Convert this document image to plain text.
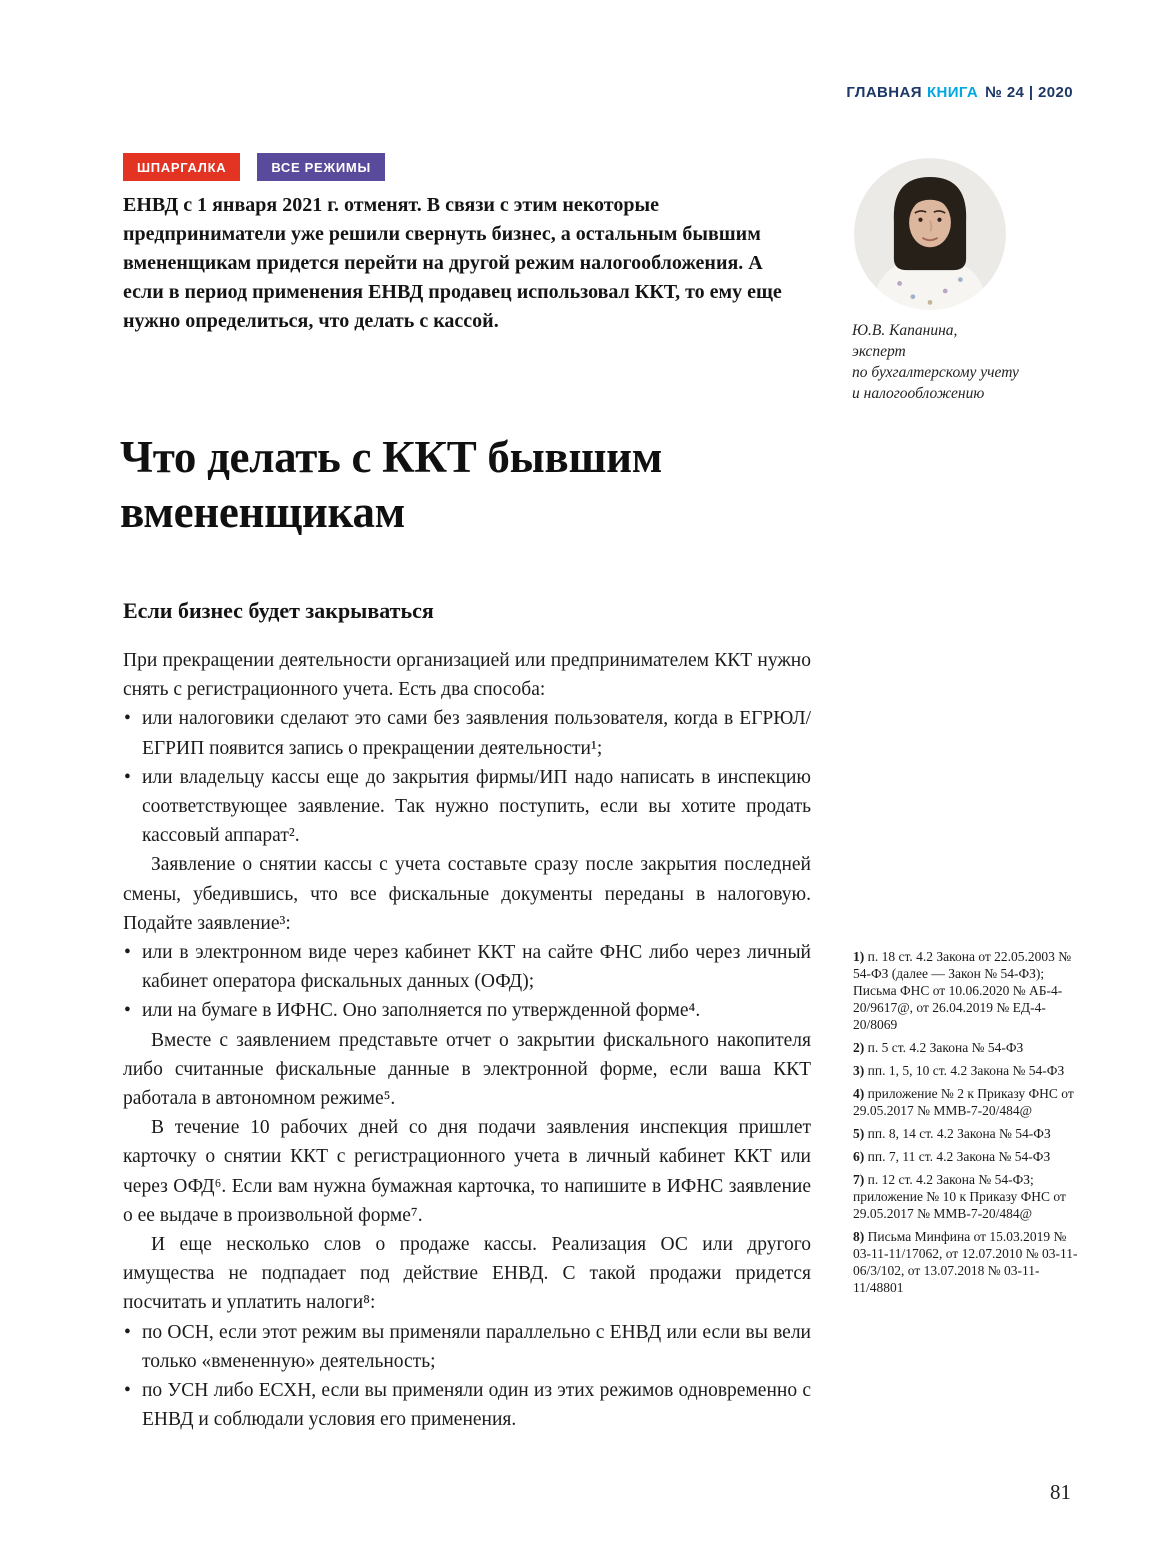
ГЛАВНАЯ КНИГА № 24 | 2020
ШПАРГАЛКА	ВСЕ РЕЖИМЫ
ЕНВД с 1 января 2021 г. отменят. В связи с этим некоторые предприниматели уже решили свернуть бизнес, а остальным бывшим вмененщикам придется перейти на другой режим налогообложения. А если в период применения ЕНВД продавец использовал ККТ, то ему еще нужно определиться, что делать с кассой.	Ю.В. Капанина,
эксперт
по бухгалтерскому учету
и налогообложению
Что делать с ККТ бывшим вмененщикам
Если бизнес будет закрываться

При прекращении деятельности организацией или предпринимателем ККТ нужно снять с регистрационного учета. Есть два способа:

• или налоговики сделают это сами без заявления пользователя, когда в ЕГРЮЛ/ЕГРИП появится запись о прекращении деятельности¹;

• или владельцу кассы еще до закрытия фирмы/ИП надо написать в инспекцию соответствующее заявление. Так нужно поступить, если вы хотите продать кассовый аппарат².

Заявление о снятии кассы с учета составьте сразу после закрытия последней смены, убедившись, что все фискальные документы переданы в налоговую. Подайте заявление³:

• или в электронном виде через кабинет ККТ на сайте ФНС либо через личный кабинет оператора фискальных данных (ОФД);

• или на бумаге в ИФНС. Оно заполняется по утвержденной форме⁴.

Вместе с заявлением представьте отчет о закрытии фискального накопителя либо считанные фискальные данные в электронной форме, если ваша ККТ работала в автономном режиме⁵.

В течение 10 рабочих дней со дня подачи заявления инспекция пришлет карточку о снятии ККТ с регистрационного учета в личный кабинет ККТ или через ОФД⁶. Если вам нужна бумажная карточка, то напишите в ИФНС заявление о ее выдаче в произвольной форме⁷.

И еще несколько слов о продаже кассы. Реализация ОС или другого имущества не подпадает под действие ЕНВД. С такой продажи придется посчитать и уплатить налоги⁸:

• по ОСН, если этот режим вы применяли параллельно с ЕНВД или если вы вели только «вмененную» деятельность;

• по УСН либо ЕСХН, если вы применяли один из этих режимов одновременно с ЕНВД и соблюдали условия его применения.

1) п. 18 ст. 4.2 Закона от 22.05.2003 № 54-ФЗ (далее — Закон № 54-ФЗ); Письма ФНС от 10.06.2020 № АБ-4-20/9617@, от 26.04.2019 № ЕД-4-20/8069
2) п. 5 ст. 4.2 Закона № 54-ФЗ
3) пп. 1, 5, 10 ст. 4.2 Закона № 54-ФЗ
4) приложение № 2 к Приказу ФНС от 29.05.2017 № ММВ-7-20/484@
5) пп. 8, 14 ст. 4.2 Закона № 54-ФЗ
6) пп. 7, 11 ст. 4.2 Закона № 54-ФЗ
7) п. 12 ст. 4.2 Закона № 54-ФЗ; приложение № 10 к Приказу ФНС от 29.05.2017 № ММВ-7-20/484@
8) Письма Минфина от 15.03.2019 № 03-11-11/17062, от 12.07.2010 № 03-11-06/3/102, от 13.07.2018 № 03-11-11/48801
81
